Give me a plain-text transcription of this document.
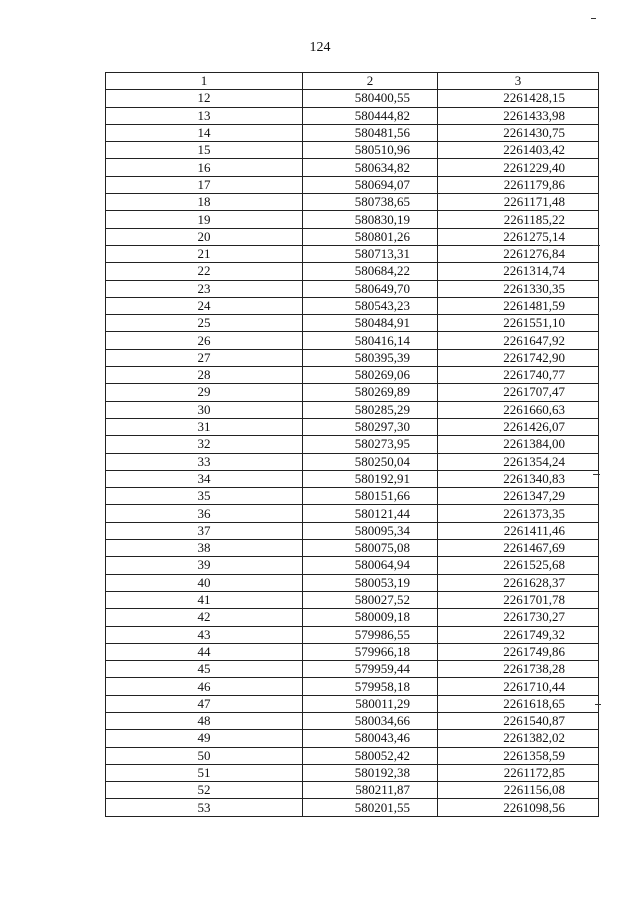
124
1	2	3
12	580400,55	2261428,15
13	580444,82	2261433,98
14	580481,56	2261430,75
15	580510,96	2261403,42
16	580634,82	2261229,40
17	580694,07	2261179,86
18	580738,65	2261171,48
19	580830,19	2261185,22
20	580801,26	2261275,14
21	580713,31	2261276,84
22	580684,22	2261314,74
23	580649,70	2261330,35
24	580543,23	2261481,59
25	580484,91	2261551,10
26	580416,14	2261647,92
27	580395,39	2261742,90
28	580269,06	2261740,77
29	580269,89	2261707,47
30	580285,29	2261660,63
31	580297,30	2261426,07
32	580273,95	2261384,00
33	580250,04	2261354,24
34	580192,91	2261340,83
35	580151,66	2261347,29
36	580121,44	2261373,35
37	580095,34	2261411,46
38	580075,08	2261467,69
39	580064,94	2261525,68
40	580053,19	2261628,37
41	580027,52	2261701,78
42	580009,18	2261730,27
43	579986,55	2261749,32
44	579966,18	2261749,86
45	579959,44	2261738,28
46	579958,18	2261710,44
47	580011,29	2261618,65
48	580034,66	2261540,87
49	580043,46	2261382,02
50	580052,42	2261358,59
51	580192,38	2261172,85
52	580211,87	2261156,08
53	580201,55	2261098,56
